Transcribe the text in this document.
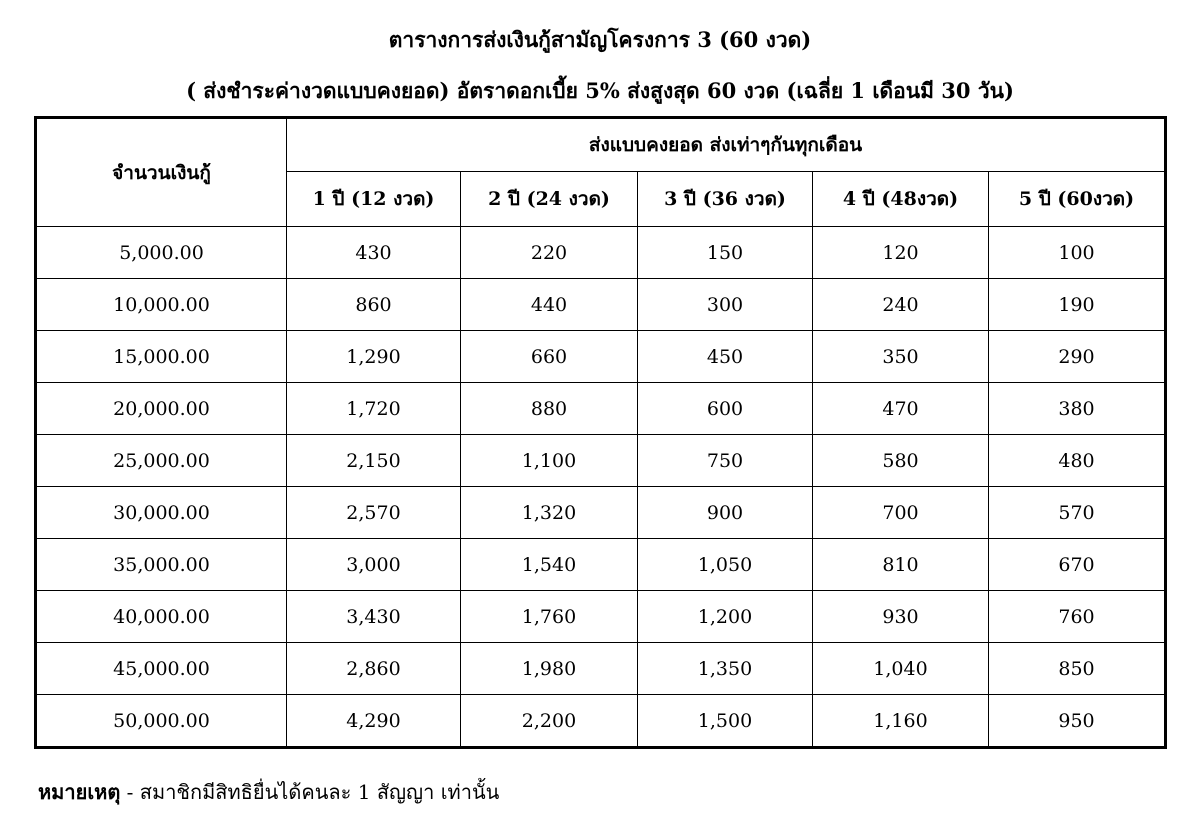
ตารางการส่งเงินกู้สามัญโครงการ 3 (60 งวด)
( ส่งชำระค่างวดแบบคงยอด) อัตราดอกเบี้ย 5% ส่งสูงสุด 60 งวด (เฉลี่ย 1 เดือนมี 30 วัน)
จำนวนเงินกู้	ส่งแบบคงยอด ส่งเท่าๆกันทุกเดือน				
	1 ปี (12 งวด)	2 ปี (24 งวด)	3 ปี (36 งวด)	4 ปี (48งวด)	5 ปี (60งวด)
5,000.00	430	220	150	120	100
10,000.00	860	440	300	240	190
15,000.00	1,290	660	450	350	290
20,000.00	1,720	880	600	470	380
25,000.00	2,150	1,100	750	580	480
30,000.00	2,570	1,320	900	700	570
35,000.00	3,000	1,540	1,050	810	670
40,000.00	3,430	1,760	1,200	930	760
45,000.00	2,860	1,980	1,350	1,040	850
50,000.00	4,290	2,200	1,500	1,160	950
หมายเหตุ - สมาชิกมีสิทธิยื่นได้คนละ 1 สัญญา เท่านั้น
